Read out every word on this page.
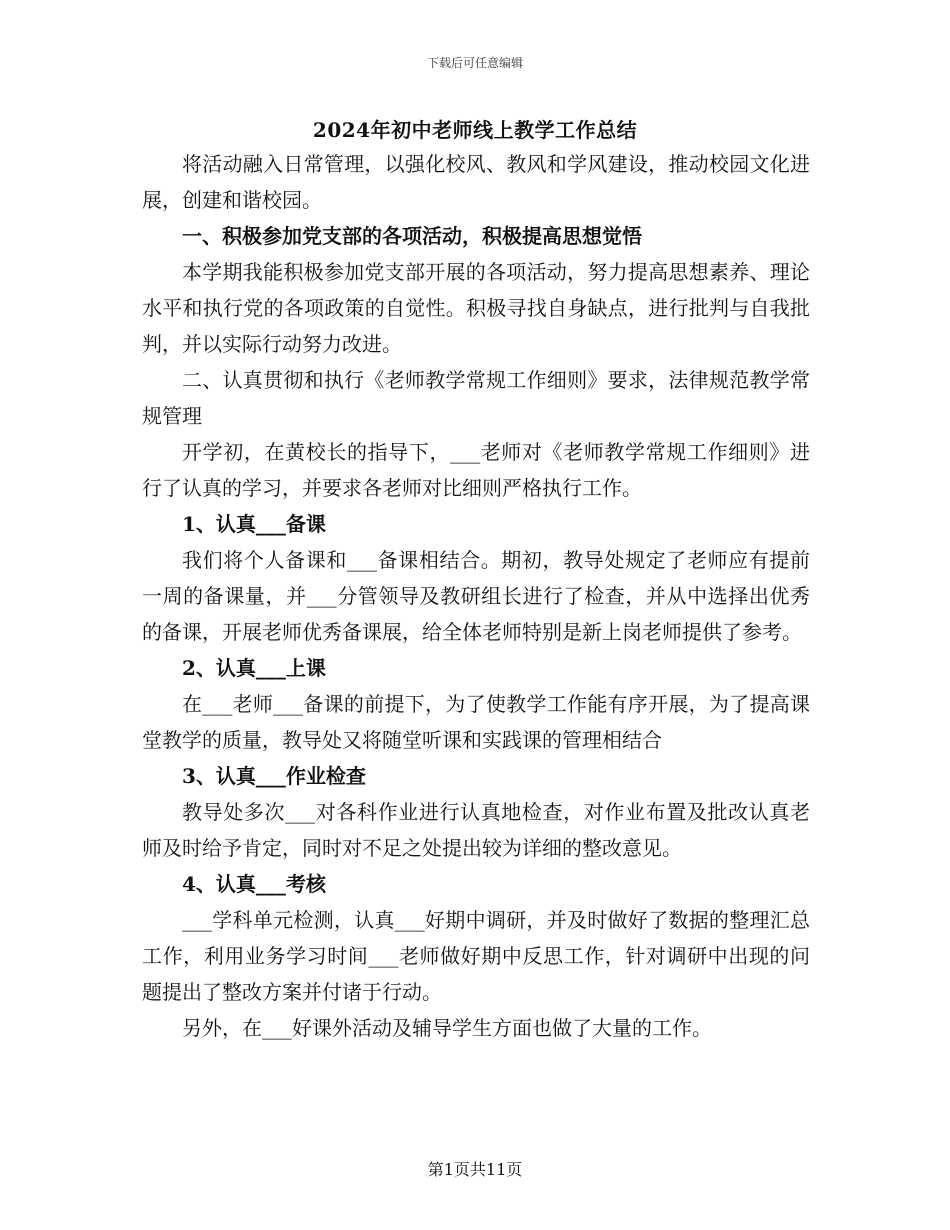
下载后可任意编辑
2024年初中老师线上教学工作总结

将活动融入日常管理，以强化校风、教风和学风建设，推动校园文化进展，创建和谐校园。

一、积极参加党支部的各项活动，积极提高思想觉悟

本学期我能积极参加党支部开展的各项活动，努力提高思想素养、理论水平和执行党的各项政策的自觉性。积极寻找自身缺点，进行批判与自我批判，并以实际行动努力改进。

二、认真贯彻和执行《老师教学常规工作细则》要求，法律规范教学常规管理

开学初，在黄校长的指导下，___老师对《老师教学常规工作细则》进行了认真的学习，并要求各老师对比细则严格执行工作。

1、认真___备课

我们将个人备课和___备课相结合。期初，教导处规定了老师应有提前一周的备课量，并___分管领导及教研组长进行了检查，并从中选择出优秀的备课，开展老师优秀备课展，给全体老师特别是新上岗老师提供了参考。

2、认真___上课

在___老师___备课的前提下，为了使教学工作能有序开展，为了提高课堂教学的质量，教导处又将随堂听课和实践课的管理相结合

3、认真___作业检查

教导处多次___对各科作业进行认真地检查，对作业布置及批改认真老师及时给予肯定，同时对不足之处提出较为详细的整改意见。

4、认真___考核

___学科单元检测，认真___好期中调研，并及时做好了数据的整理汇总工作，利用业务学习时间___老师做好期中反思工作，针对调研中出现的问题提出了整改方案并付诸于行动。

另外，在___好课外活动及辅导学生方面也做了大量的工作。

第1页共11页
